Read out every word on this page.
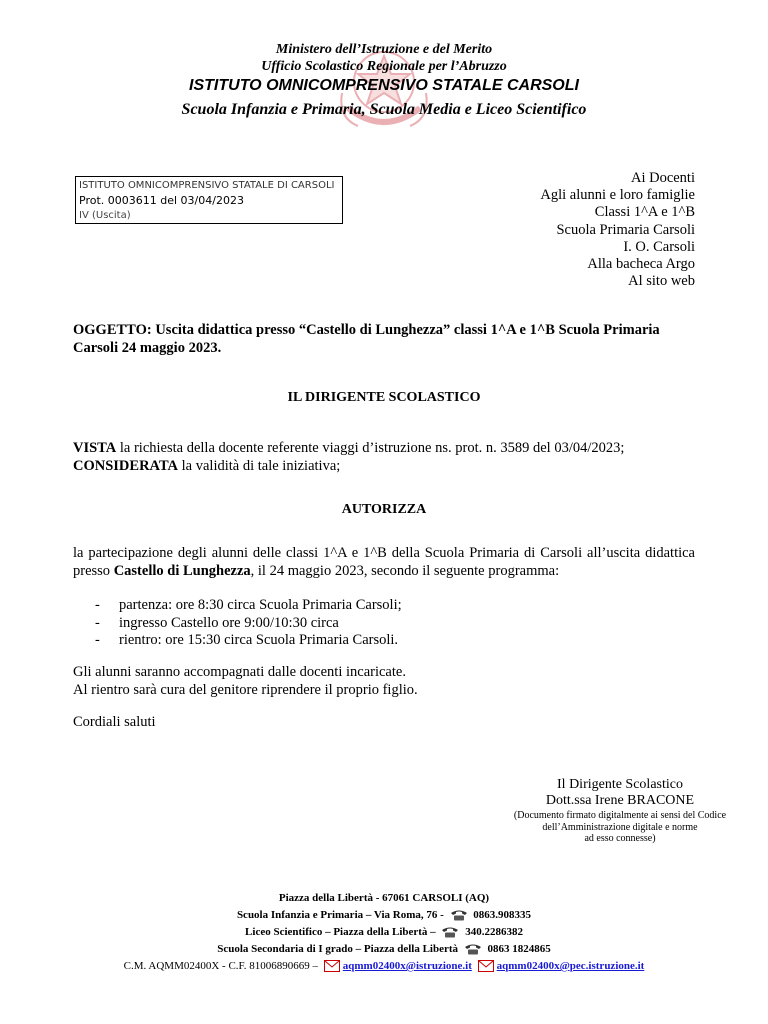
Ministero dell’Istruzione e del Merito
Ufficio Scolastico Regionale per l’Abruzzo
ISTITUTO OMNICOMPRENSIVO STATALE CARSOLI
Scuola Infanzia e Primaria, Scuola Media e Liceo Scientifico
ISTITUTO OMNICOMPRENSIVO STATALE DI CARSOLI
Prot. 0003611 del 03/04/2023
IV (Uscita)
Ai Docenti
Agli alunni e loro famiglie
Classi 1^A e 1^B
Scuola Primaria Carsoli
I. O. Carsoli
Alla bacheca Argo
Al sito web
OGGETTO: Uscita didattica presso “Castello di Lunghezza” classi 1^A e 1^B Scuola Primaria Carsoli 24 maggio 2023.
IL DIRIGENTE SCOLASTICO
VISTA la richiesta della docente referente viaggi d’istruzione ns. prot. n. 3589 del 03/04/2023;
CONSIDERATA la validità di tale iniziativa;
AUTORIZZA
la partecipazione degli alunni delle classi 1^A e 1^B della Scuola Primaria di Carsoli all’uscita didattica presso Castello di Lunghezza, il 24 maggio 2023, secondo il seguente programma:
-	partenza: ore 8:30 circa Scuola Primaria Carsoli;
-	ingresso Castello ore 9:00/10:30 circa
-	rientro: ore 15:30 circa Scuola Primaria Carsoli.
Gli alunni saranno accompagnati dalle docenti incaricate.
Al rientro sarà cura del genitore riprendere il proprio figlio.
Cordiali saluti
Il Dirigente Scolastico
Dott.ssa Irene BRACONE
(Documento firmato digitalmente ai sensi del Codice
dell’Amministrazione digitale e norme
ad esso connesse)
Piazza della Libertà - 67061 CARSOLI (AQ)
Scuola Infanzia e Primaria – Via Roma, 76 -	0863.908335
Liceo Scientifico – Piazza della Libertà –	340.2286382
Scuola Secondaria di I grado – Piazza della Libertà	0863 1824865
C.M. AQMM02400X - C.F. 81006890669 – aqmm02400x@istruzione.it aqmm02400x@pec.istruzione.it
